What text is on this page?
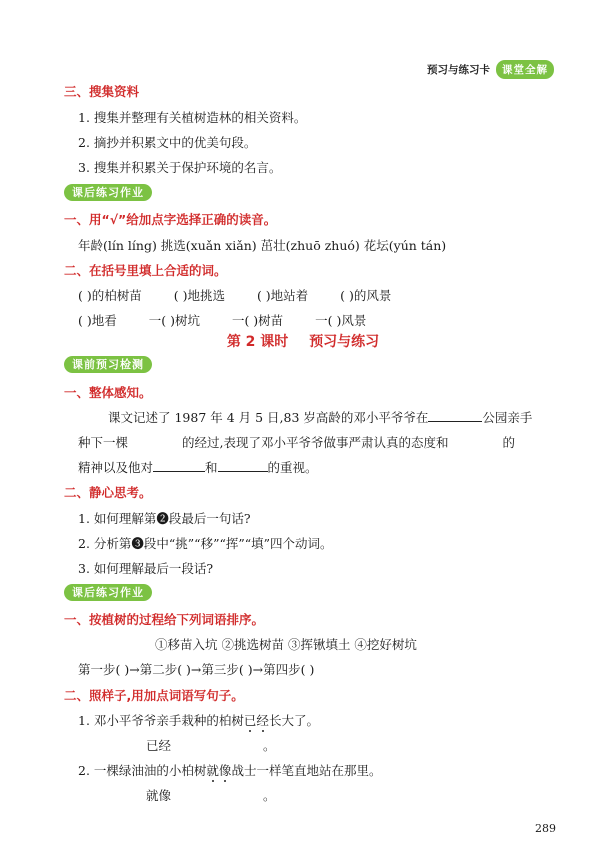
预习与练习卡	课堂全解
三、搜集资料
1. 搜集并整理有关植树造林的相关资料。
2. 摘抄并积累文中的优美句段。
3. 搜集并积累关于保护环境的名言。
课后练习作业
一、用“√”给加点字选择正确的读音。
年龄(lín líng) 挑选(xuǎn xiǎn) 茁壮(zhuō zhuó) 花坛(yún tán)
二、在括号里填上合适的词。
( )的柏树苗	( )地挑选	( )地站着	( )的风景
( )地看	一( )树坑	一( )树苗	一( )风景
第 2 课时 预习与练习
课前预习检测
一、整体感知。
课文记述了 1987 年 4 月 5 日,83 岁高龄的邓小平爷爷在	公园亲手
种下一棵	的经过,表现了邓小平爷爷做事严肃认真的态度和	的
精神以及他对	和	的重视。
二、静心思考。
1. 如何理解第❷段最后一句话?
2. 分析第❸段中“挑”“移”“挥”“填”四个动词。
3. 如何理解最后一段话?
课后练习作业
一、按植树的过程给下列词语排序。
①移苗入坑 ②挑选树苗 ③挥锹填土 ④挖好树坑
第一步( )→第二步( )→第三步( )→第四步( )
二、照样子,用加点词语写句子。
1. 邓小平爷爷亲手栽种的柏树已经长大了。
已经	。
2. 一棵绿油油的小柏树就像战士一样笔直地站在那里。
就像	。
289
